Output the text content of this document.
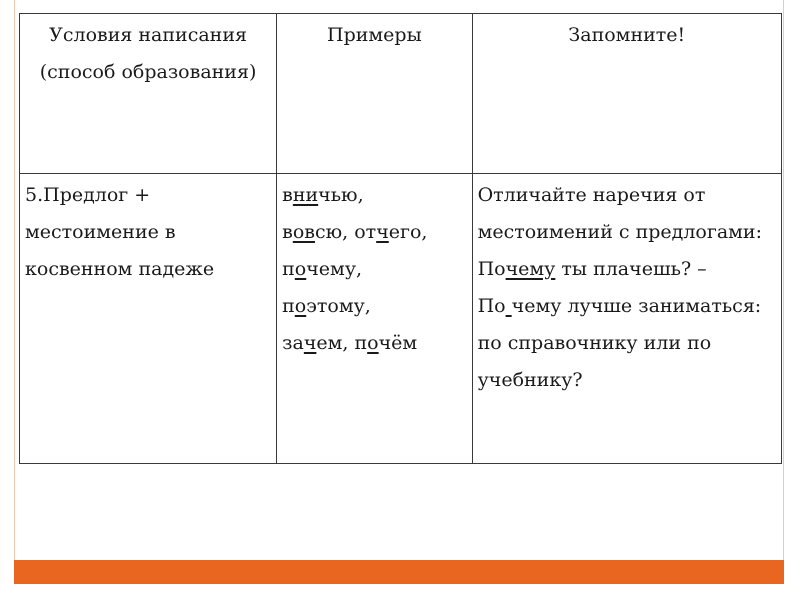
Условия написания (способ образования)	Примеры	Запомните!
5.Предлог + местоимение в косвенном падеже	вничью,
вовсю, отчего,
почему,
поэтому,
зачем, почём	Отличайте наречия от местоимений с предлогами:
Почему ты плачешь? –
По чему лучше заниматься: по справочнику или по учебнику?
